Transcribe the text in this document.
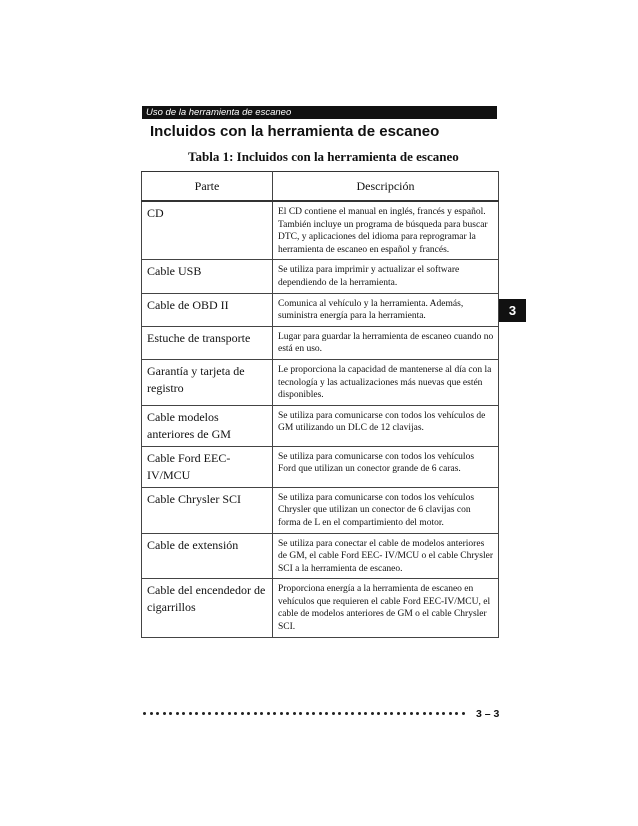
Uso de la herramienta de escaneo
Incluidos con la herramienta de escaneo
Tabla 1: Incluidos con la herramienta de escaneo
Parte	Descripción
CD	El CD contiene el manual en inglés, francés y español. También incluye un programa de búsqueda para buscar DTC, y aplicaciones del idioma para reprogramar la herramienta de escaneo en español y francés.
Cable USB	Se utiliza para imprimir y actualizar el software dependiendo de la herramienta.
Cable de OBD II	Comunica al vehículo y la herramienta. Además, suministra energía para la herramienta.
Estuche de transporte	Lugar para guardar la herramienta de escaneo cuando no está en uso.
Garantía y tarjeta de registro	Le proporciona la capacidad de mantenerse al día con la tecnología y las actualizaciones más nuevas que estén disponibles.
Cable modelos anteriores de GM	Se utiliza para comunicarse con todos los vehículos de GM utilizando un DLC de 12 clavijas.
Cable Ford EEC-IV/MCU	Se utiliza para comunicarse con todos los vehículos Ford que utilizan un conector grande de 6 caras.
Cable Chrysler SCI	Se utiliza para comunicarse con todos los vehículos Chrysler que utilizan un conector de 6 clavijas con forma de L en el compartimiento del motor.
Cable de extensión	Se utiliza para conectar el cable de modelos anteriores de GM, el cable Ford EEC- IV/MCU o el cable Chrysler SCI a la herramienta de escaneo.
Cable del encendedor de cigarrillos	Proporciona energía a la herramienta de escaneo en vehículos que requieren el cable Ford EEC-IV/MCU, el cable de modelos anteriores de GM o el cable Chrysler SCI.
3
3 – 3
